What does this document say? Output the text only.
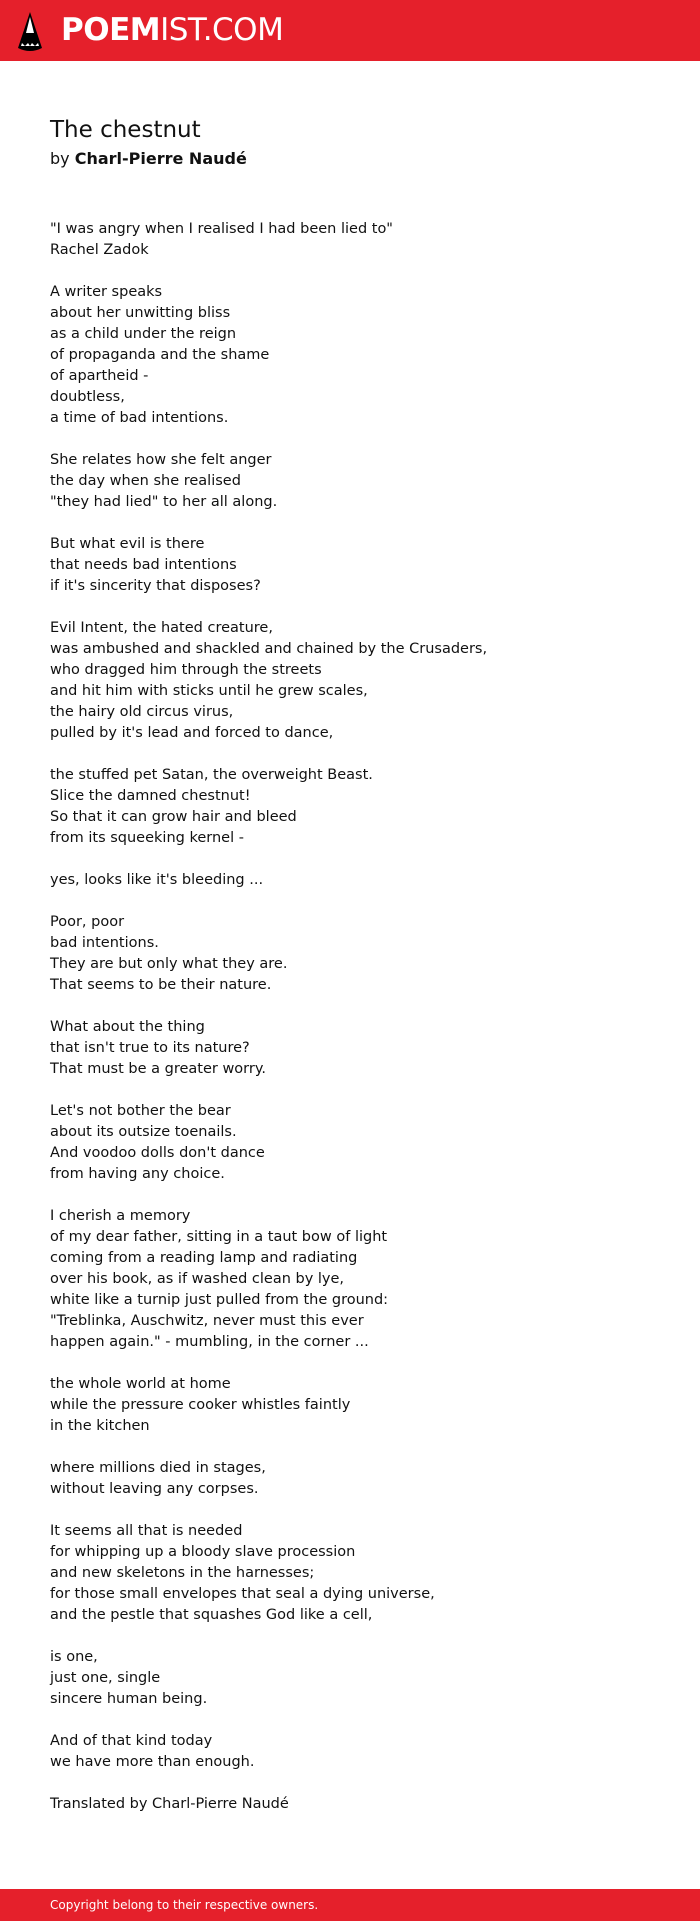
POEMIST.COM
The chestnut
by Charl-Pierre Naudé
"I was angry when I realised I had been lied to"
Rachel Zadok
A writer speaks
about her unwitting bliss
as a child under the reign
of propaganda and the shame
of apartheid -
doubtless,
a time of bad intentions.
She relates how she felt anger
the day when she realised
"they had lied" to her all along.
But what evil is there
that needs bad intentions
if it's sincerity that disposes?
Evil Intent, the hated creature,
was ambushed and shackled and chained by the Crusaders,
who dragged him through the streets
and hit him with sticks until he grew scales,
the hairy old circus virus,
pulled by it's lead and forced to dance,
the stuffed pet Satan, the overweight Beast.
Slice the damned chestnut!
So that it can grow hair and bleed
from its squeeking kernel -
yes, looks like it's bleeding ...
Poor, poor
bad intentions.
They are but only what they are.
That seems to be their nature.
What about the thing
that isn't true to its nature?
That must be a greater worry.
Let's not bother the bear
about its outsize toenails.
And voodoo dolls don't dance
from having any choice.
I cherish a memory
of my dear father, sitting in a taut bow of light
coming from a reading lamp and radiating
over his book, as if washed clean by lye,
white like a turnip just pulled from the ground:
"Treblinka, Auschwitz, never must this ever
happen again." - mumbling, in the corner ...
the whole world at home
while the pressure cooker whistles faintly
in the kitchen
where millions died in stages,
without leaving any corpses.
It seems all that is needed
for whipping up a bloody slave procession
and new skeletons in the harnesses;
for those small envelopes that seal a dying universe,
and the pestle that squashes God like a cell,
is one,
just one, single
sincere human being.
And of that kind today
we have more than enough.
Translated by Charl-Pierre Naudé
Copyright belong to their respective owners.
